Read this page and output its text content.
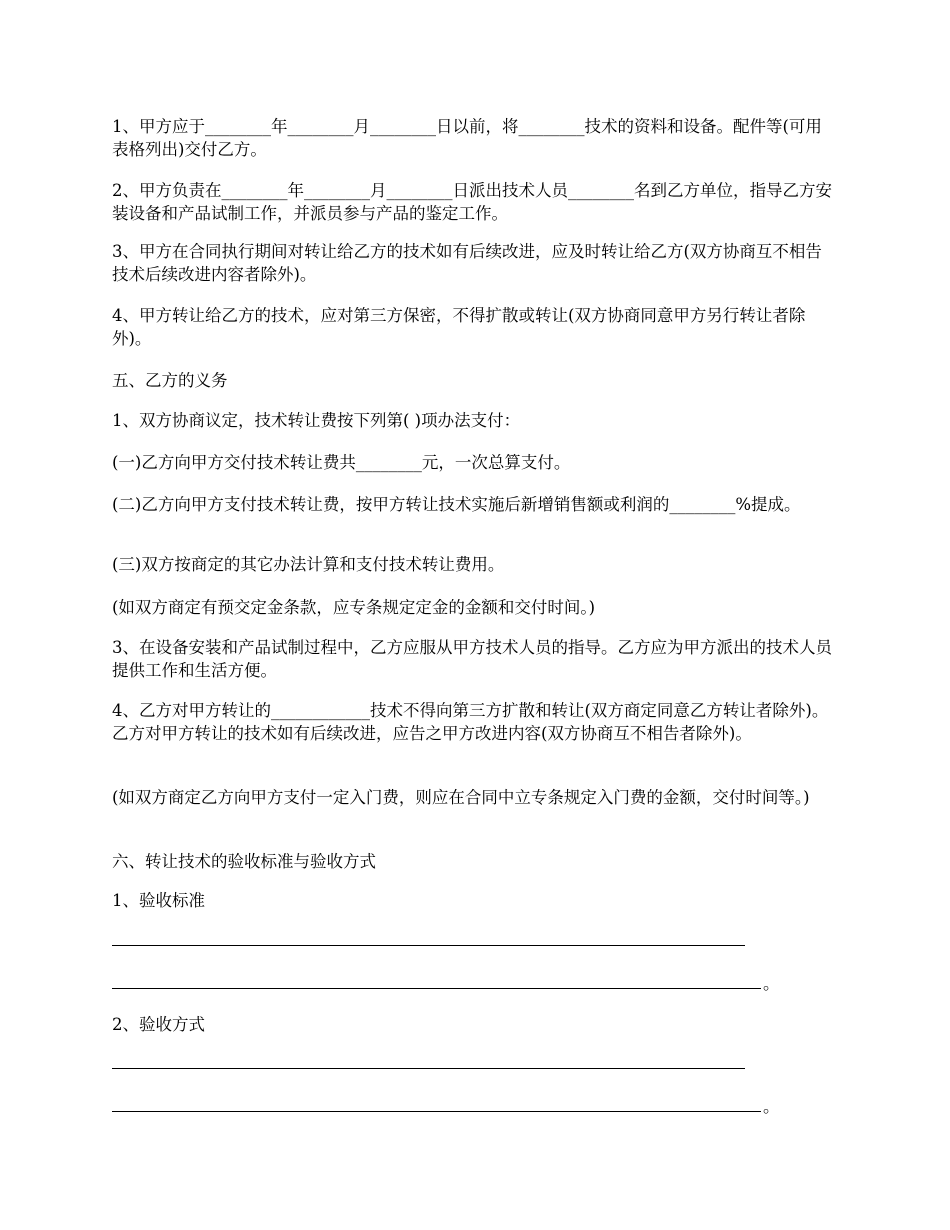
1、甲方应于________年________月________日以前，将________技术的资料和设备。配件等(可用表格列出)交付乙方。

2、甲方负责在________年________月________日派出技术人员________名到乙方单位，指导乙方安装设备和产品试制工作，并派员参与产品的鉴定工作。

3、甲方在合同执行期间对转让给乙方的技术如有后续改进，应及时转让给乙方(双方协商互不相告技术后续改进内容者除外)。

4、甲方转让给乙方的技术，应对第三方保密，不得扩散或转让(双方协商同意甲方另行转让者除外)。

五、乙方的义务

1、双方协商议定，技术转让费按下列第( )项办法支付：

(一)乙方向甲方交付技术转让费共________元，一次总算支付。

(二)乙方向甲方支付技术转让费，按甲方转让技术实施后新增销售额或利润的________%提成。

(三)双方按商定的其它办法计算和支付技术转让费用。

(如双方商定有预交定金条款，应专条规定定金的金额和交付时间。)

3、在设备安装和产品试制过程中，乙方应服从甲方技术人员的指导。乙方应为甲方派出的技术人员提供工作和生活方便。

4、乙方对甲方转让的____________技术不得向第三方扩散和转让(双方商定同意乙方转让者除外)。乙方对甲方转让的技术如有后续改进，应告之甲方改进内容(双方协商互不相告者除外)。

(如双方商定乙方向甲方支付一定入门费，则应在合同中立专条规定入门费的金额，交付时间等。)

六、转让技术的验收标准与验收方式

1、验收标准

。

2、验收方式

。
